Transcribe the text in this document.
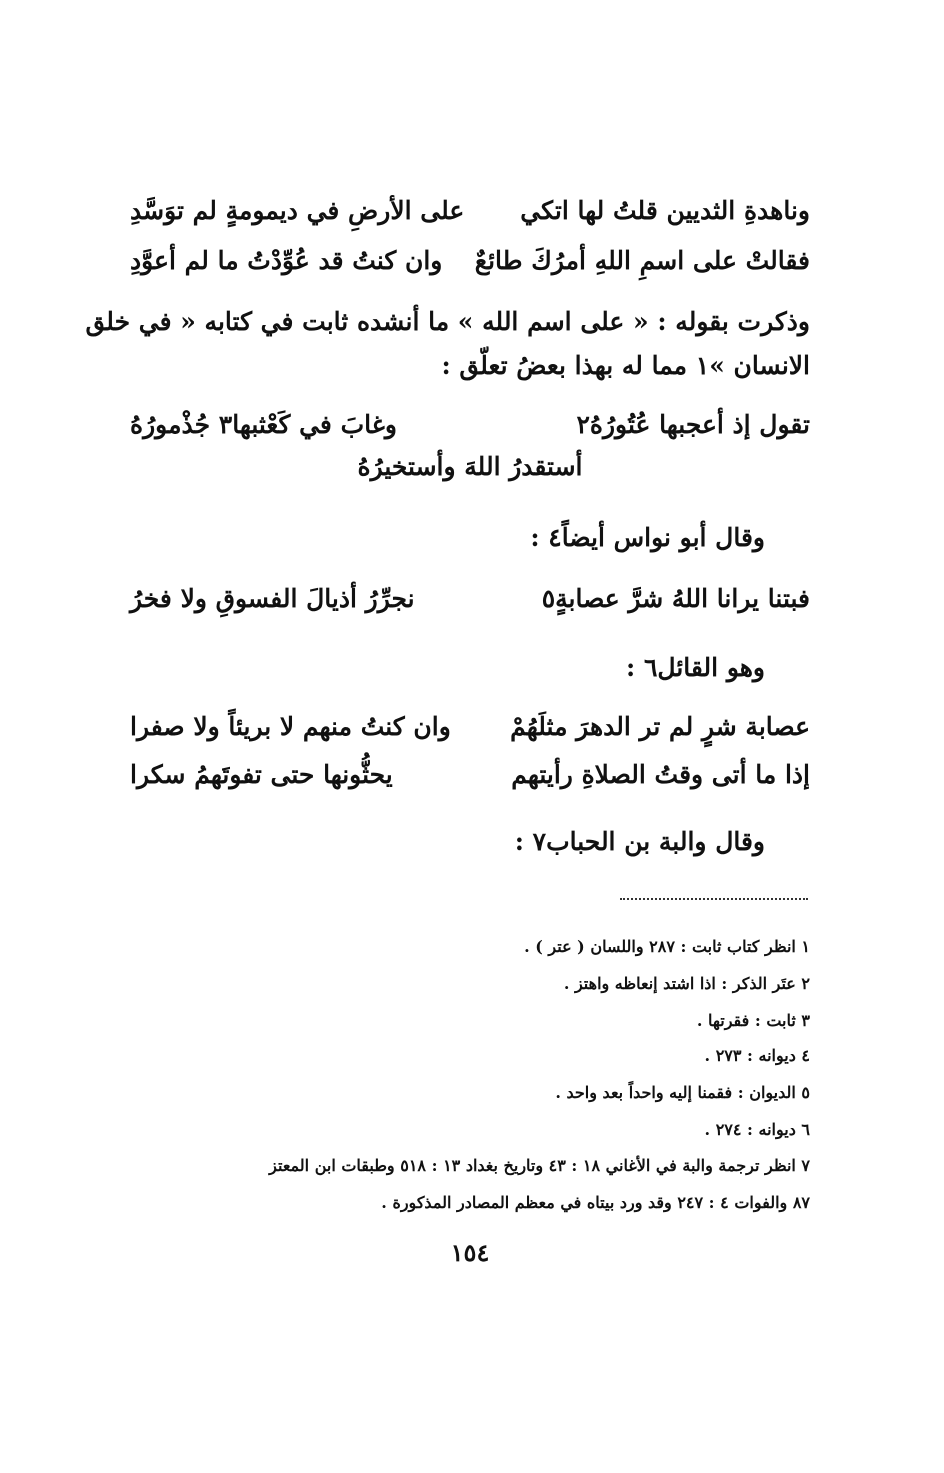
وناهدةِ الثديين قلتُ لها اتكي
على الأرضِ في ديمومةٍ لم توَسَّدِ
فقالتْ على اسمِ اللهِ أمرُكَ طائعٌ
وان كنتُ قد عُوِّدْتُ ما لم أعوَّدِ
وذكرت بقوله : « على اسم الله » ما أنشده ثابت في كتابه « في خلق
الانسان »١ مما له بهذا بعضُ تعلّق :
تقول إذ أعجبها عُتُورُهُ٢
وغابَ في كَعْثبها٣ جُذْمورُهُ
أستقدرُ اللهَ وأستخيرُهُ
وقال أبو نواس أيضاً٤ :
فبتنا يرانا اللهُ شرَّ عصابةٍ٥
نجرِّرُ أذيالَ الفسوقِ ولا فخرُ
وهو القائل٦ :
عصابة شرٍ لم تر الدهرَ مثلَهُمْ
وان كنتُ منهم لا بريئاً ولا صفرا
إذا ما أتى وقتُ الصلاةِ رأيتهم
يحثُّونها حتى تفوتَهمُ سكرا
وقال والبة بن الحباب٧ :
١ انظر كتاب ثابت : ٢٨٧ واللسان ( عتر ) .
٢ عتَر الذكر : اذا اشتد إنعاظه واهتز .
٣ ثابت : فقرتها .
٤ ديوانه : ٢٧٣ .
٥ الديوان : فقمنا إليه واحداً بعد واحد .
٦ ديوانه : ٢٧٤ .
٧ انظر ترجمة والبة في الأغاني ١٨ : ٤٣ وتاريخ بغداد ١٣ : ٥١٨ وطبقات ابن المعتز
٨٧ والفوات ٤ : ٢٤٧ وقد ورد بيتاه في معظم المصادر المذكورة .
١٥٤
